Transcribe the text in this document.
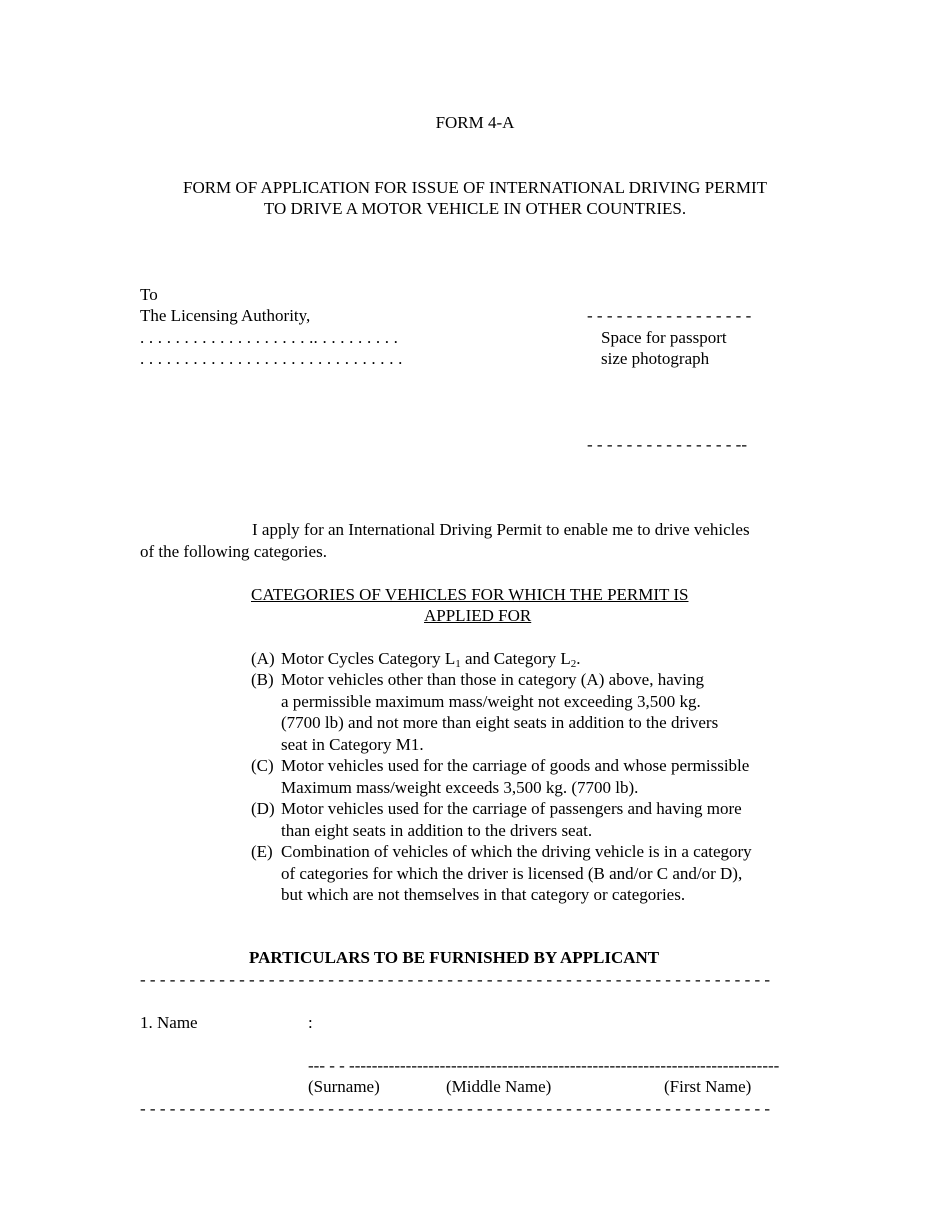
FORM 4-A
FORM OF APPLICATION FOR ISSUE OF INTERNATIONAL DRIVING PERMIT
TO DRIVE A MOTOR VEHICLE IN OTHER COUNTRIES.
To
The Licensing Authority,
. . . . . . . . . . . . . . . . . . . .. . . . . . . . . .
. . . . . . . . . . . . . . . . . . . . . . . . . . . . . .
- - - - - - - - - - - - - - - - -
Space for passport
size photograph
- - - - - - - - - - - - - - - --
I apply for an International Driving Permit to enable me to drive vehicles
of the following categories.
CATEGORIES OF VEHICLES FOR WHICH THE PERMIT IS
APPLIED FOR
(A) Motor Cycles Category $L_1$ and Category $L_2$.
(B) Motor vehicles other than those in category (A) above, having
a permissible maximum mass/weight not exceeding 3,500 kg.
(7700 lb) and not more than eight seats in addition to the drivers
seat in Category M1.
(C) Motor vehicles used for the carriage of goods and whose permissible
Maximum mass/weight exceeds 3,500 kg. (7700 lb).
(D) Motor vehicles used for the carriage of passengers and having more
than eight seats in addition to the drivers seat.
(E) Combination of vehicles of which the driving vehicle is in a category
of categories for which the driver is licensed (B and/or C and/or D),
but which are not themselves in that category or categories.
PARTICULARS TO BE FURNISHED BY APPLICANT
- - - - - - - - - - - - - - - - - - - - - - - - - - - - - - - - - - - - - - - - - - - - - - - - - - - - - - - - - - - - - - - -
1. Name	:
--- - - ----------------------------------------------------------------------------
(Surname)	(Middle Name)	(First Name)
- - - - - - - - - - - - - - - - - - - - - - - - - - - - - - - - - - - - - - - - - - - - - - - - - - - - - - - - - - - - - - - -
